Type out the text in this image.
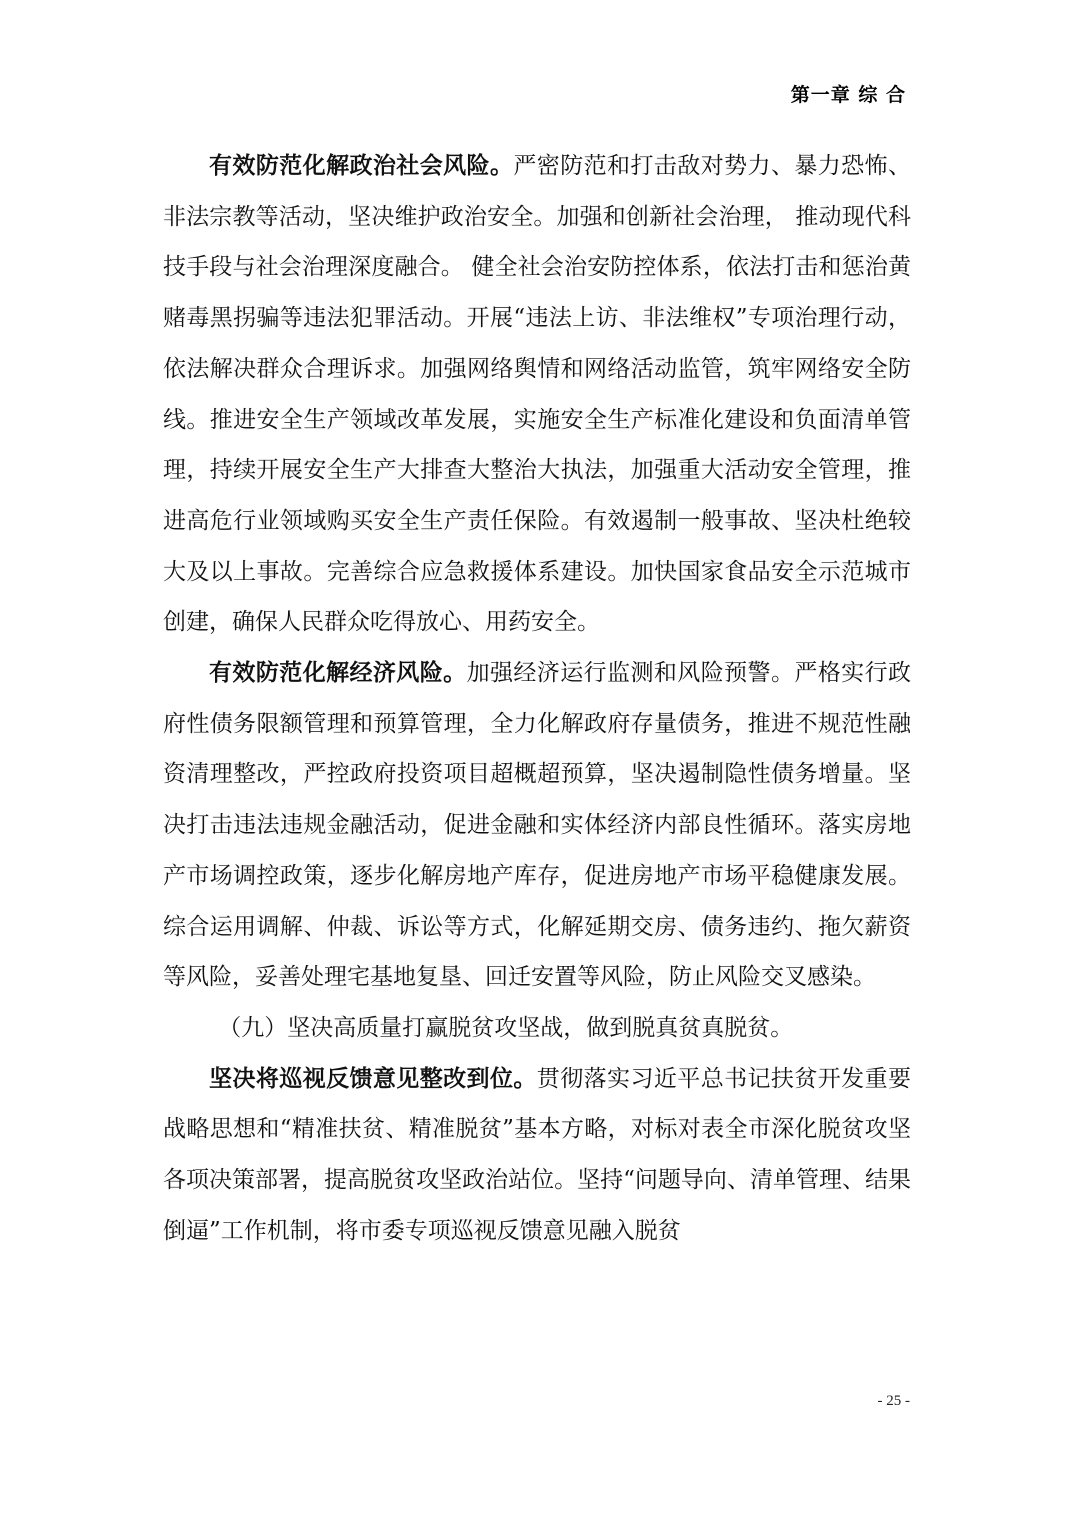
第一章 综 合

有效防范化解政治社会风险。严密防范和打击敌对势力、暴力恐怖、非法宗教等活动，坚决维护政治安全。加强和创新社会治理， 推动现代科技手段与社会治理深度融合。 健全社会治安防控体系，依法打击和惩治黄赌毒黑拐骗等违法犯罪活动。开展“违法上访、非法维权”专项治理行动，依法解决群众合理诉求。加强网络舆情和网络活动监管，筑牢网络安全防线。推进安全生产领域改革发展，实施安全生产标准化建设和负面清单管理，持续开展安全生产大排查大整治大执法，加强重大活动安全管理，推进高危行业领域购买安全生产责任保险。有效遏制一般事故、坚决杜绝较大及以上事故。完善综合应急救援体系建设。加快国家食品安全示范城市创建，确保人民群众吃得放心、用药安全。

有效防范化解经济风险。加强经济运行监测和风险预警。严格实行政府性债务限额管理和预算管理，全力化解政府存量债务，推进不规范性融资清理整改，严控政府投资项目超概超预算，坚决遏制隐性债务增量。坚决打击违法违规金融活动，促进金融和实体经济内部良性循环。落实房地产市场调控政策，逐步化解房地产库存，促进房地产市场平稳健康发展。综合运用调解、仲裁、诉讼等方式，化解延期交房、债务违约、拖欠薪资等风险，妥善处理宅基地复垦、回迁安置等风险，防止风险交叉感染。

（九）坚决高质量打赢脱贫攻坚战，做到脱真贫真脱贫。

坚决将巡视反馈意见整改到位。贯彻落实习近平总书记扶贫开发重要战略思想和“精准扶贫、精准脱贫”基本方略，对标对表全市深化脱贫攻坚各项决策部署，提高脱贫攻坚政治站位。坚持“问题导向、清单管理、结果倒逼”工作机制，将市委专项巡视反馈意见融入脱贫

- 25 -
